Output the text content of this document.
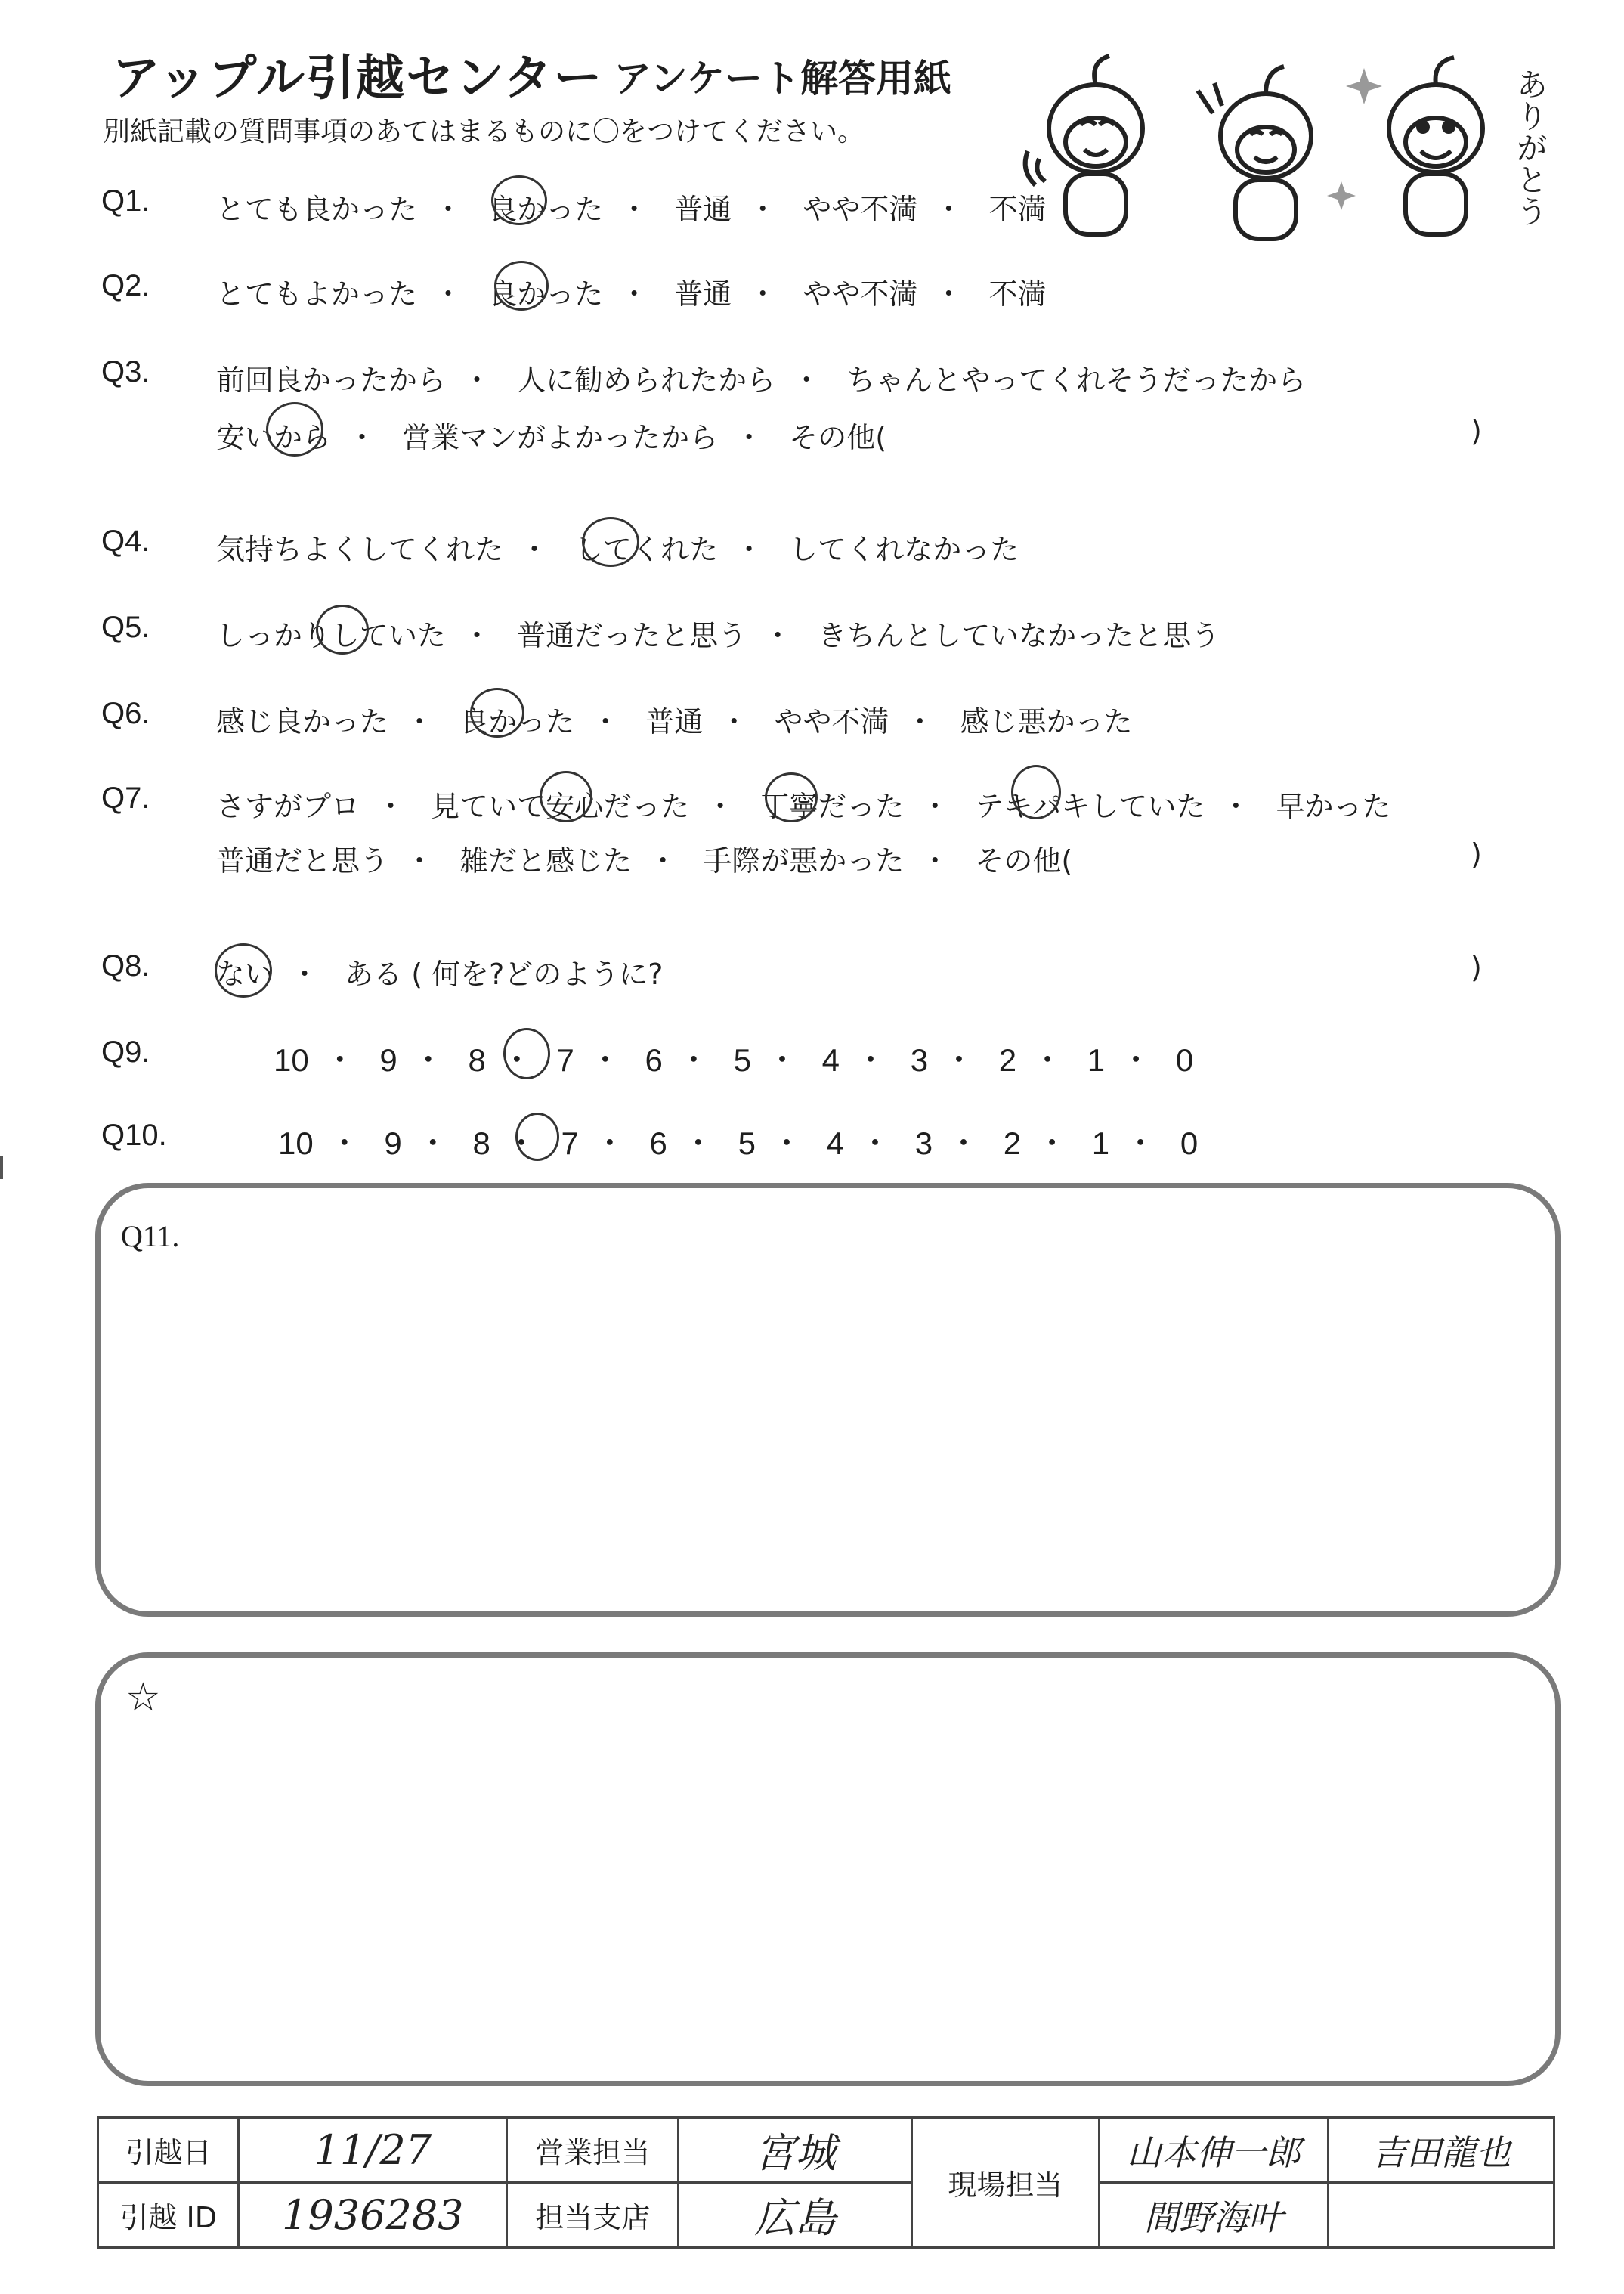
アップル引越センター アンケート解答用紙
別紙記載の質問事項のあてはまるものに〇をつけてください。	ありがとう
Q1. とても良かった ・ 良かった ・ 普通 ・ やや不満 ・ 不満
Q2. とてもよかった ・ 良かった ・ 普通 ・ やや不満 ・ 不満
Q3. 前回良かったから ・ 人に勧められたから ・ ちゃんとやってくれそうだったから
安いから ・ 営業マンがよかったから ・ その他(	)
Q4. 気持ちよくしてくれた ・ してくれた ・ してくれなかった
Q5. しっかりしていた ・ 普通だったと思う ・ きちんとしていなかったと思う
Q6. 感じ良かった ・ 良かった ・ 普通 ・ やや不満 ・ 感じ悪かった
Q7. さすがプロ ・ 見ていて安心だった ・ 丁寧だった ・ テキパキしていた ・ 早かった
普通だと思う ・ 雑だと感じた ・ 手際が悪かった ・ その他(	)
Q8. ない ・ ある ( 何を?どのように?	)
Q9.	10 ・ 9 ・ 8 ・ 7 ・ 6 ・ 5 ・ 4 ・ 3 ・ 2 ・ 1 ・ 0
Q10.	10 ・ 9 ・ 8 ・ 7 ・ 6 ・ 5 ・ 4 ・ 3 ・ 2 ・ 1 ・ 0
Q11.
☆
引越日	11/27	営業担当	宮城	現場担当	山本伸一郎	吉田龍也
引越 ID	1936283	担当支店	広島		間野海叶	
